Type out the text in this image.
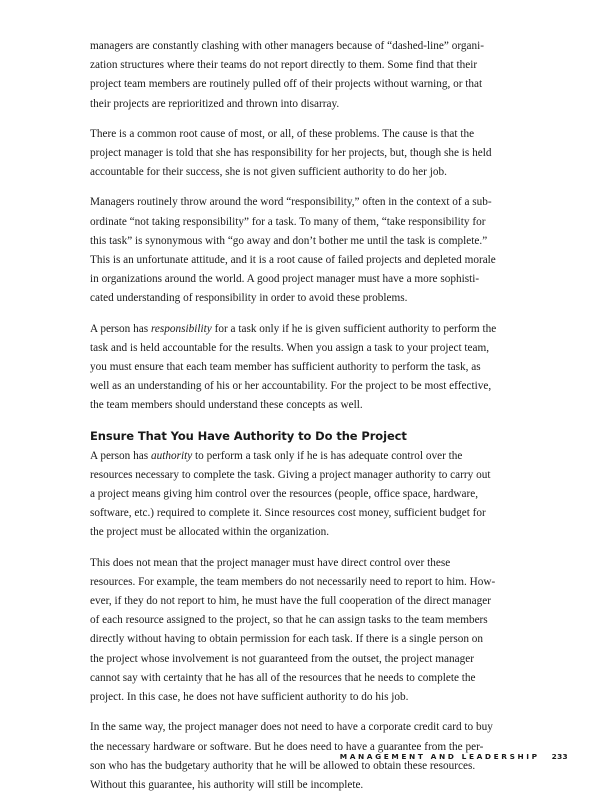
managers are constantly clashing with other managers because of “dashed-line” organi-
zation structures where their teams do not report directly to them. Some find that their
project team members are routinely pulled off of their projects without warning, or that
their projects are reprioritized and thrown into disarray.

There is a common root cause of most, or all, of these problems. The cause is that the
project manager is told that she has responsibility for her projects, but, though she is held
accountable for their success, she is not given sufficient authority to do her job.

Managers routinely throw around the word “responsibility,” often in the context of a sub-
ordinate “not taking responsibility” for a task. To many of them, “take responsibility for
this task” is synonymous with “go away and don’t bother me until the task is complete.”
This is an unfortunate attitude, and it is a root cause of failed projects and depleted morale
in organizations around the world. A good project manager must have a more sophisti-
cated understanding of responsibility in order to avoid these problems.

A person has responsibility for a task only if he is given sufficient authority to perform the
task and is held accountable for the results. When you assign a task to your project team,
you must ensure that each team member has sufficient authority to perform the task, as
well as an understanding of his or her accountability. For the project to be most effective,
the team members should understand these concepts as well.

Ensure That You Have Authority to Do the Project

A person has authority to perform a task only if he is has adequate control over the
resources necessary to complete the task. Giving a project manager authority to carry out
a project means giving him control over the resources (people, office space, hardware,
software, etc.) required to complete it. Since resources cost money, sufficient budget for
the project must be allocated within the organization.

This does not mean that the project manager must have direct control over these
resources. For example, the team members do not necessarily need to report to him. How-
ever, if they do not report to him, he must have the full cooperation of the direct manager
of each resource assigned to the project, so that he can assign tasks to the team members
directly without having to obtain permission for each task. If there is a single person on
the project whose involvement is not guaranteed from the outset, the project manager
cannot say with certainty that he has all of the resources that he needs to complete the
project. In this case, he does not have sufficient authority to do his job.

In the same way, the project manager does not need to have a corporate credit card to buy
the necessary hardware or software. But he does need to have a guarantee from the per-
son who has the budgetary authority that he will be allowed to obtain these resources.
Without this guarantee, his authority will still be incomplete.

MANAGEMENT AND LEADERSHIP 233
